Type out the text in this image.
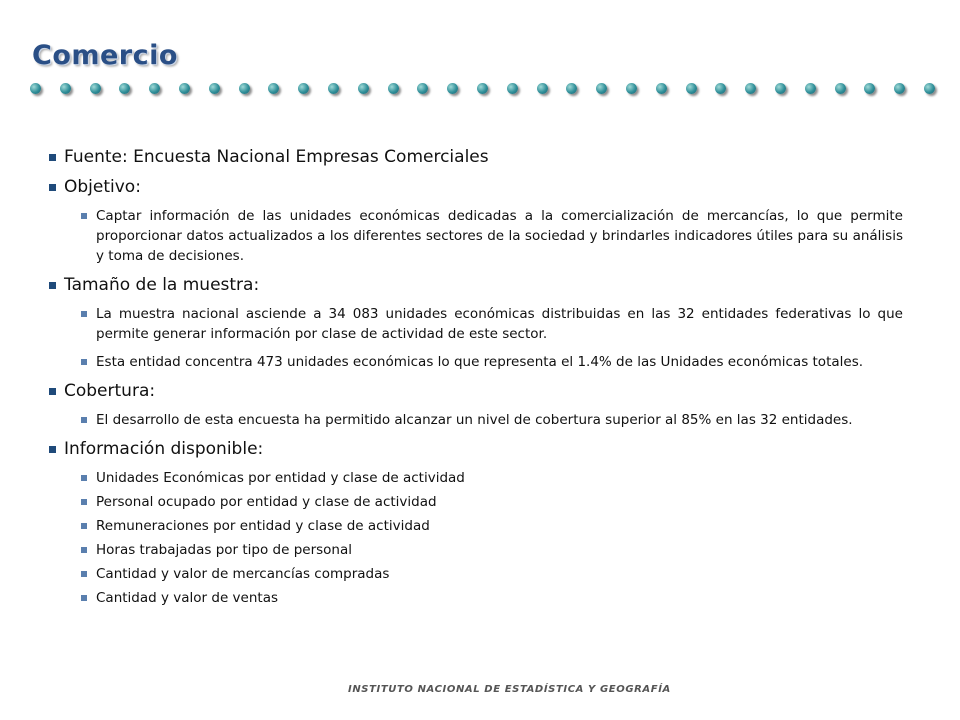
Comercio
Fuente: Encuesta Nacional Empresas Comerciales
Objetivo:
Captar información de las unidades económicas dedicadas a la comercialización de mercancías, lo que permite proporcionar datos actualizados a los diferentes sectores de la sociedad y brindarles indicadores útiles para su análisis y toma de decisiones.
Tamaño de la muestra:
La muestra nacional asciende a 34 083 unidades económicas distribuidas en las 32 entidades federativas lo que permite generar información por clase de actividad de este sector.
Esta entidad concentra 473 unidades económicas lo que representa el 1.4% de las Unidades económicas totales.
Cobertura:
El desarrollo de esta encuesta ha permitido alcanzar un nivel de cobertura superior al 85% en las 32 entidades.
Información disponible:
Unidades Económicas por entidad y clase de actividad
Personal ocupado por entidad y clase de actividad
Remuneraciones por entidad y clase de actividad
Horas trabajadas por tipo de personal
Cantidad y valor de mercancías compradas
Cantidad y valor de ventas
INSTITUTO NACIONAL DE ESTADÍSTICA Y GEOGRAFÍA
